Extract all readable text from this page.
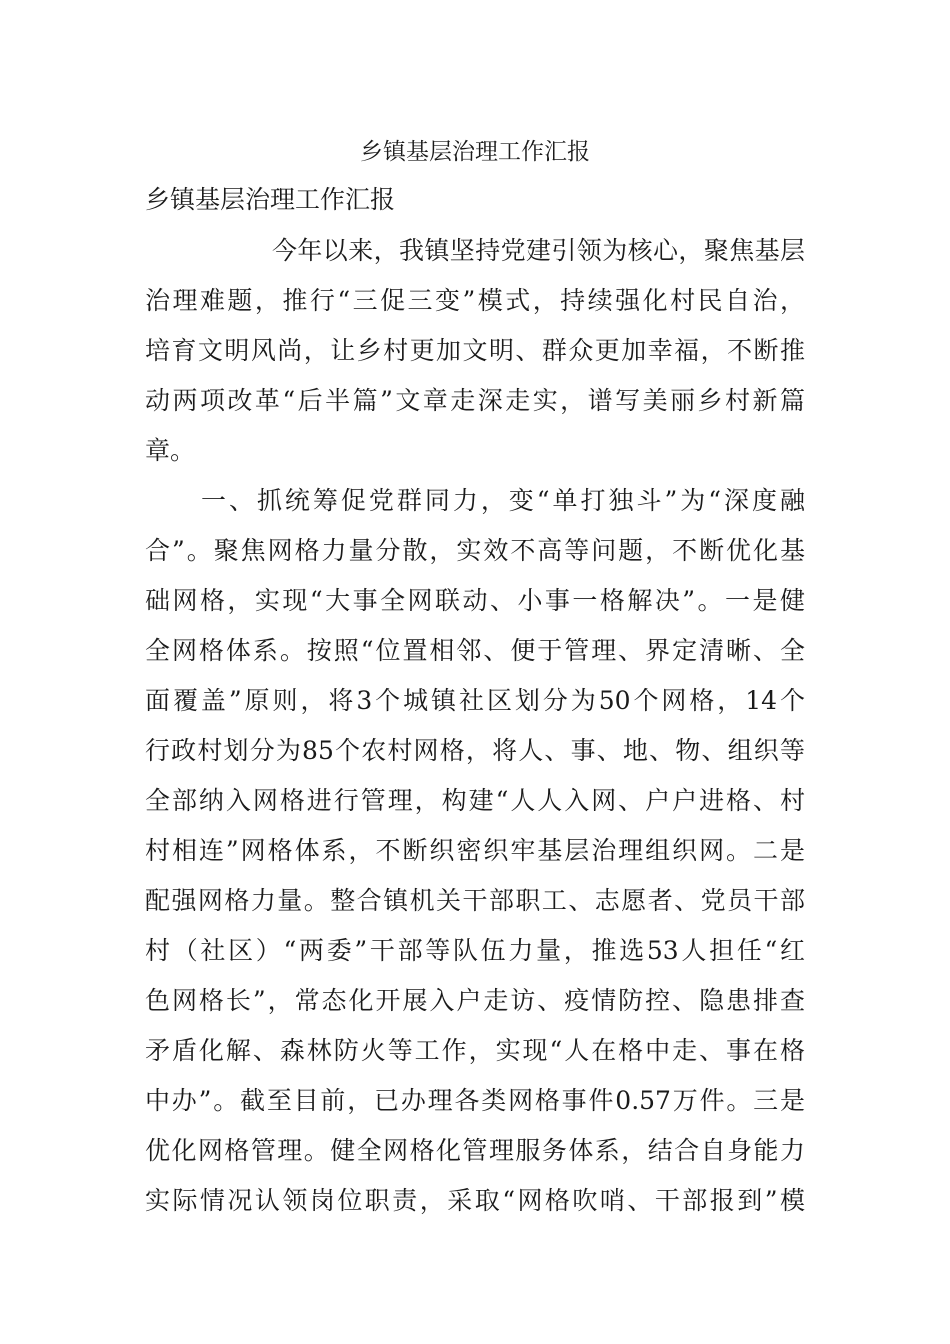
乡镇基层治理工作汇报

乡镇基层治理工作汇报

　　　　　今年以来，我镇坚持党建引领为核心，聚焦基层
治理难题，推行“三促三变”模式，持续强化村民自治，
培育文明风尚，让乡村更加文明、群众更加幸福，不断推
动两项改革“后半篇”文章走深走实，谱写美丽乡村新篇
章。
　　一、抓统筹促党群同力，变“单打独斗”为“深度融
合”。聚焦网格力量分散，实效不高等问题，不断优化基
础网格，实现“大事全网联动、小事一格解决”。一是健
全网格体系。按照“位置相邻、便于管理、界定清晰、全
面覆盖”原则，将3个城镇社区划分为50个网格，14个
行政村划分为85个农村网格，将人、事、地、物、组织等
全部纳入网格进行管理，构建“人人入网、户户进格、村
村相连”网格体系，不断织密织牢基层治理组织网。二是
配强网格力量。整合镇机关干部职工、志愿者、党员干部
村（社区）“两委”干部等队伍力量，推选53人担任“红
色网格长”，常态化开展入户走访、疫情防控、隐患排查
矛盾化解、森林防火等工作，实现“人在格中走、事在格
中办”。截至目前，已办理各类网格事件0.57万件。三是
优化网格管理。健全网格化管理服务体系，结合自身能力
实际情况认领岗位职责，采取“网格吹哨、干部报到”模
